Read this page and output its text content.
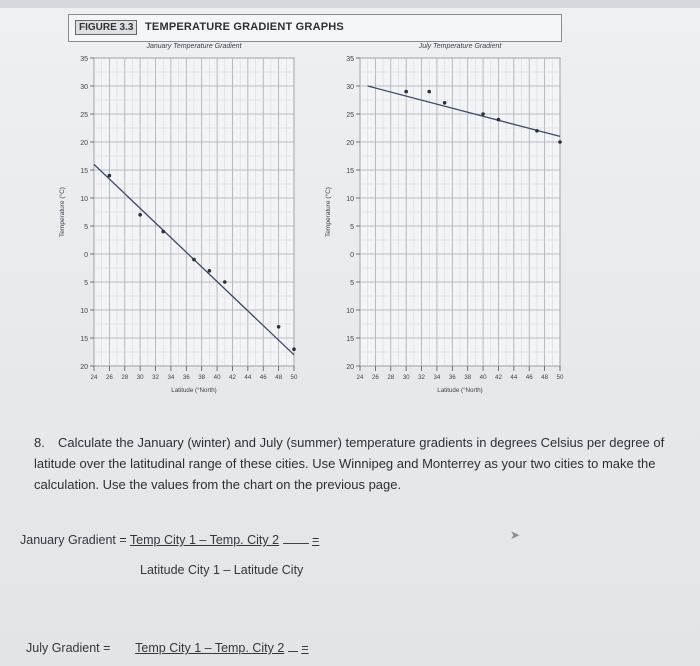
FIGURE 3.3	TEMPERATURE GRADIENT GRAPHS
35
30
25
20
15
10
5
0
5
10
15
20
24 26 28 30 32 34 36 38 40 42 44 46 48 50
January Temperature Gradient
Latitude (°North)
Temperature (°C)
35
30
25
20
15
10
5
0
5
10
15
20
24 26 28 30 32 34 36 38 40 42 44 46 48 50
July Temperature Gradient
Latitude (°North)
Temperature (°C)
8. Calculate the January (winter) and July (summer) temperature gradients in degrees Celsius per degree of latitude over the latitudinal range of these cities. Use Winnipeg and Monterrey as your two cities to make the calculation. Use the values from the chart on the previous page.
January Gradient = Temp City 1 – Temp. City 2	=
Latitude City 1 – Latitude City
➤
July Gradient = Temp City 1 – Temp. City 2 =
